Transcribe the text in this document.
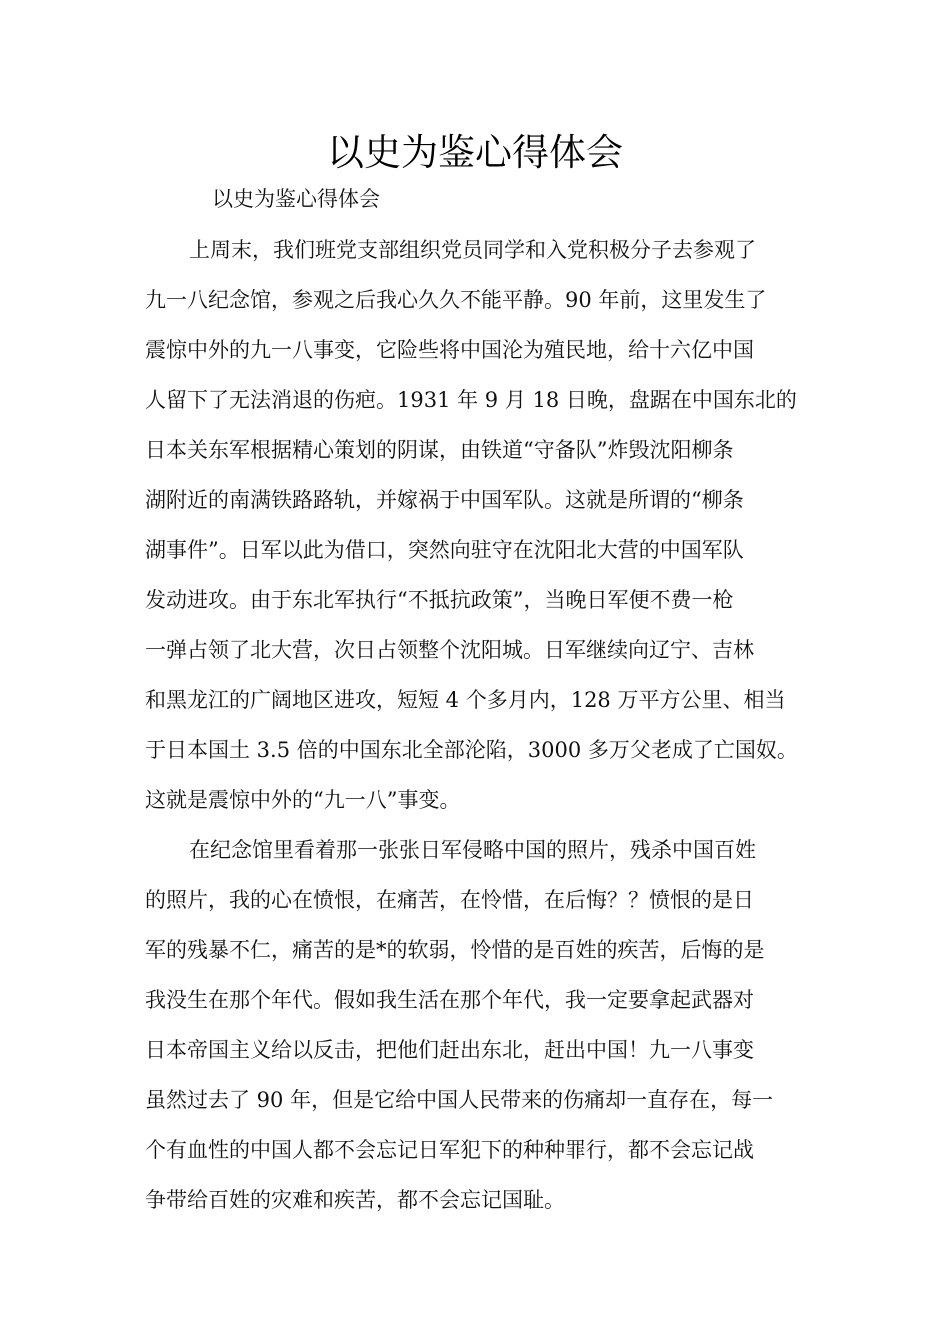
以史为鉴心得体会

以史为鉴心得体会

上周末，我们班党支部组织党员同学和入党积极分子去参观了
九一八纪念馆，参观之后我心久久不能平静。90 年前，这里发生了
震惊中外的九一八事变，它险些将中国沦为殖民地，给十六亿中国
人留下了无法消退的伤疤。1931 年 9 月 18 日晚，盘踞在中国东北的
日本关东军根据精心策划的阴谋，由铁道“守备队”炸毁沈阳柳条
湖附近的南满铁路路轨，并嫁祸于中国军队。这就是所谓的“柳条
湖事件”。日军以此为借口，突然向驻守在沈阳北大营的中国军队
发动进攻。由于东北军执行“不抵抗政策”，当晚日军便不费一枪
一弹占领了北大营，次日占领整个沈阳城。日军继续向辽宁、吉林
和黑龙江的广阔地区进攻，短短 4 个多月内，128 万平方公里、相当
于日本国土 3.5 倍的中国东北全部沦陷，3000 多万父老成了亡国奴。
这就是震惊中外的“九一八”事变。
在纪念馆里看着那一张张日军侵略中国的照片，残杀中国百姓
的照片，我的心在愤恨，在痛苦，在怜惜，在后悔？？愤恨的是日
军的残暴不仁，痛苦的是*的软弱，怜惜的是百姓的疾苦，后悔的是
我没生在那个年代。假如我生活在那个年代，我一定要拿起武器对
日本帝国主义给以反击，把他们赶出东北，赶出中国！九一八事变
虽然过去了 90 年，但是它给中国人民带来的伤痛却一直存在，每一
个有血性的中国人都不会忘记日军犯下的种种罪行，都不会忘记战
争带给百姓的灾难和疾苦，都不会忘记国耻。
